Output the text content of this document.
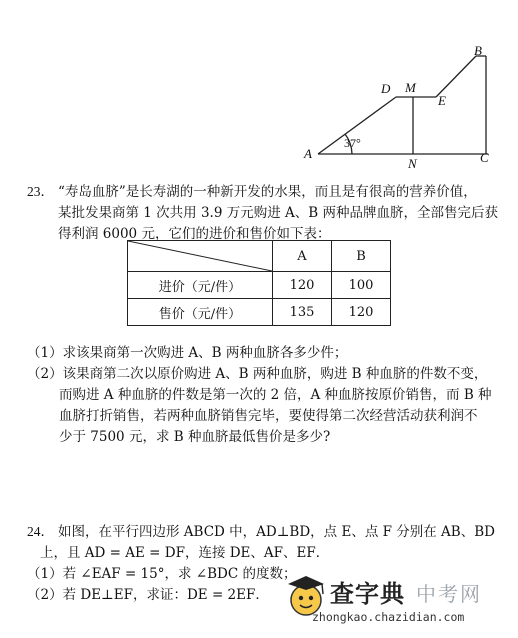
A
B
C
D M
E
N
37°
23． “寿岛血脐”是长寿湖的一种新开发的水果，而且是有很高的营养价值，
某批发果商第 1 次共用 3.9 万元购进 A、B 两种品牌血脐，全部售完后获
得利润 6000 元，它们的进价和售价如下表：
	A	B
进价（元/件）	120	100
售价（元/件）	135	120
（1）求该果商第一次购进 A、B 两种血脐各多少件；
（2）该果商第二次以原价购进 A、B 两种血脐，购进 B 种血脐的件数不变，
而购进 A 种血脐的件数是第一次的 2 倍，A 种血脐按原价销售，而 B 种
血脐打折销售，若两种血脐销售完毕，要使得第二次经营活动获利润不
少于 7500 元，求 B 种血脐最低售价是多少?
24． 如图，在平行四边形 ABCD 中，AD⊥BD，点 E、点 F 分别在 AB、BD
上，且 AD = AE = DF，连接 DE、AF、EF．
（1）若 ∠EAF = 15°，求 ∠BDC 的度数；
（2）若 DE⊥EF，求证：DE = 2EF．	查字典 中考网
zhongkao.chazidian.com
